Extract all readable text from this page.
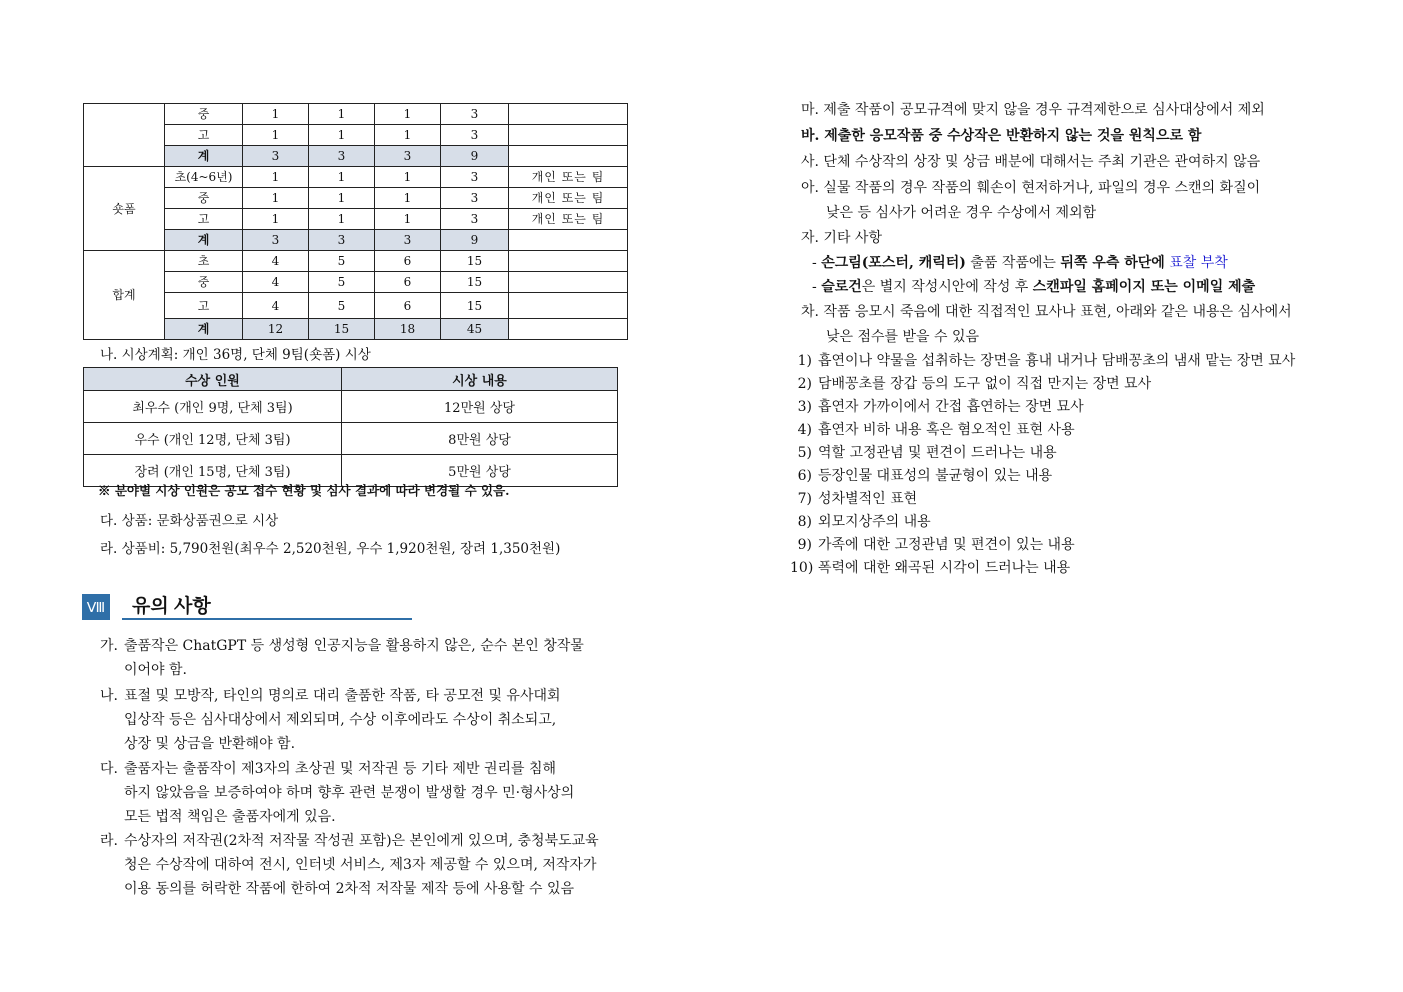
	중	1	1	1	3	
	고	1	1	1	3	
	계	3	3	3	9	
숏폼	초(4~6년)	1	1	1	3	개인 또는 팀
	중	1	1	1	3	개인 또는 팀
	고	1	1	1	3	개인 또는 팀
	계	3	3	3	9	
합계	초	4	5	6	15	
	중	4	5	6	15	
	고	4	5	6	15	
	계	12	15	18	45	
나. 시상계획: 개인 36명, 단체 9팀(숏폼) 시상
수상 인원	시상 내용
최우수 (개인 9명, 단체 3팀)	12만원 상당
우수 (개인 12명, 단체 3팀)	8만원 상당
장려 (개인 15명, 단체 3팀)	5만원 상당
※ 분야별 시상 인원은 공모 접수 현황 및 심사 결과에 따라 변경될 수 있음.
다. 상품: 문화상품권으로 시상
라. 상품비: 5,790천원(최우수 2,520천원, 우수 1,920천원, 장려 1,350천원)
Ⅷ 유의 사항
가. 출품작은 ChatGPT 등 생성형 인공지능을 활용하지 않은, 순수 본인 창작물
이어야 함.
나. 표절 및 모방작, 타인의 명의로 대리 출품한 작품, 타 공모전 및 유사대회
입상작 등은 심사대상에서 제외되며, 수상 이후에라도 수상이 취소되고,
상장 및 상금을 반환해야 함.
다. 출품자는 출품작이 제3자의 초상권 및 저작권 등 기타 제반 권리를 침해
하지 않았음을 보증하여야 하며 향후 관련 분쟁이 발생할 경우 민·형사상의
모든 법적 책임은 출품자에게 있음.
라. 수상자의 저작권(2차적 저작물 작성권 포함)은 본인에게 있으며, 충청북도교육
청은 수상작에 대하여 전시, 인터넷 서비스, 제3자 제공할 수 있으며, 저작자가
이용 동의를 허락한 작품에 한하여 2차적 저작물 제작 등에 사용할 수 있음
마. 제출 작품이 공모규격에 맞지 않을 경우 규격제한으로 심사대상에서 제외
바. 제출한 응모작품 중 수상작은 반환하지 않는 것을 원칙으로 함
사. 단체 수상작의 상장 및 상금 배분에 대해서는 주최 기관은 관여하지 않음
아. 실물 작품의 경우 작품의 훼손이 현저하거나, 파일의 경우 스캔의 화질이
낮은 등 심사가 어려운 경우 수상에서 제외함
자. 기타 사항
- 손그림(포스터, 캐릭터) 출품 작품에는 뒤쪽 우측 하단에 표찰 부착
- 슬로건은 별지 작성시안에 작성 후 스캔파일 홈페이지 또는 이메일 제출
차. 작품 응모시 죽음에 대한 직접적인 묘사나 표현, 아래와 같은 내용은 심사에서
낮은 점수를 받을 수 있음
1) 흡연이나 약물을 섭취하는 장면을 흉내 내거나 담배꽁초의 냄새 맡는 장면 묘사
2) 담배꽁초를 장갑 등의 도구 없이 직접 만지는 장면 묘사
3) 흡연자 가까이에서 간접 흡연하는 장면 묘사
4) 흡연자 비하 내용 혹은 혐오적인 표현 사용
5) 역할 고정관념 및 편견이 드러나는 내용
6) 등장인물 대표성의 불균형이 있는 내용
7) 성차별적인 표현
8) 외모지상주의 내용
9) 가족에 대한 고정관념 및 편견이 있는 내용
10) 폭력에 대한 왜곡된 시각이 드러나는 내용
